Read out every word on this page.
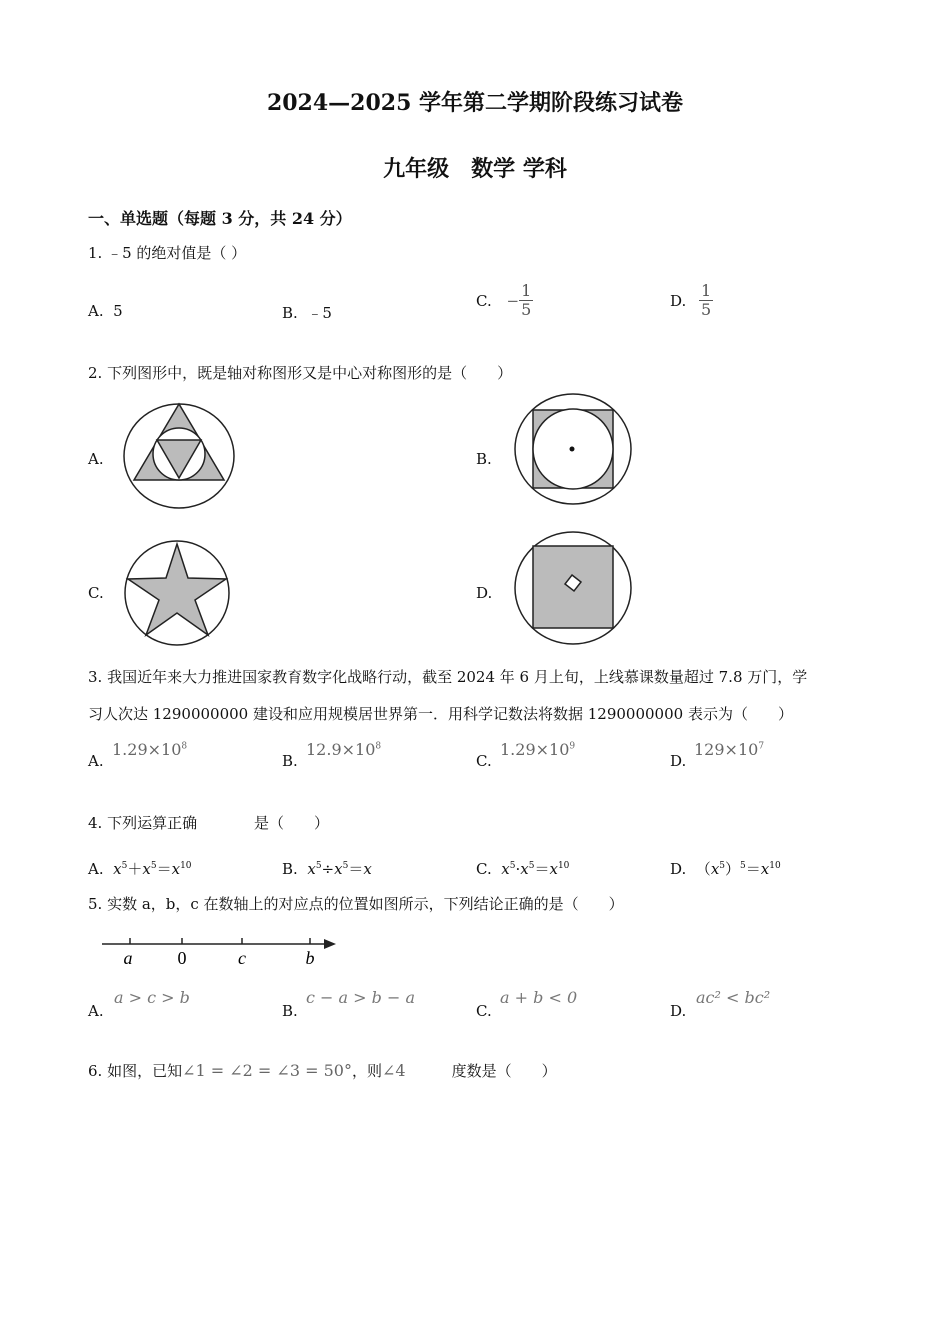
2024—2025 学年第二学期阶段练习试卷
九年级　数学 学科
一、单选题（每题 3 分，共 24 分）
1. ﹣5 的绝对值是（ ）
A. 5	B. ﹣5
C. − $\frac{1}{5}$	D. $\frac{1}{5}$
2. 下列图形中，既是轴对称图形又是中心对称图形的是（　　）
A.	B.
C.	D.
3. 我国近年来大力推进国家教育数字化战略行动，截至 2024 年 6 月上旬，上线慕课数量超过 7.8 万门，学
习人次达 1290000000 建设和应用规模居世界第一．用科学记数法将数据 1290000000 表示为（　　）
A.
$1.29\times 10^8$
B.
$12.9\times 10^8$
C.
$1.29\times 10^9$
D.
$129\times 10^7$
4. 下列运算正确	是（　　）
A. $x^5+x^5=x^{10}$	B. $x^5\div x^5=x$	C. $x^5\cdot x^5=x^{10}$	D.  $(x^5)^5=x^{10}$
5. 实数 a，b，c 在数轴上的对应点的位置如图所示，下列结论正确的是（　　）
a	0	c	b
A.
a > c > b
B.
c − a > b − a
C.
a + b < 0
D.
ac² < bc²
6. 如图，已知∠1 = ∠2 = ∠3 = 50°，则∠4	度数是（　　）
